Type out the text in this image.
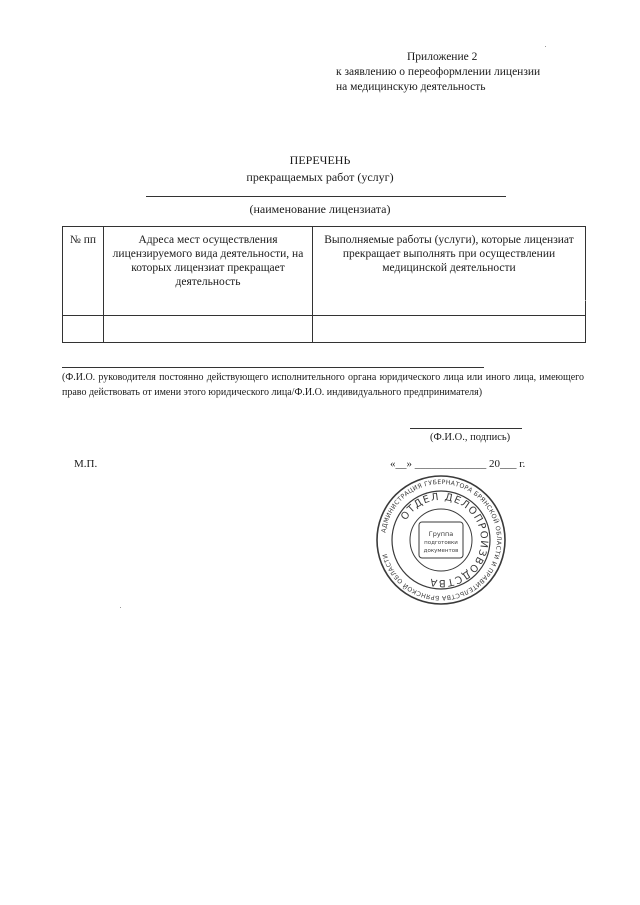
Приложение 2
к заявлению о переоформлении лицензии
на медицинскую деятельность
ПЕРЕЧЕНЬ
прекращаемых работ (услуг)
(наименование лицензиата)
№ пп	Адреса мест осуществления лицензируемого вида деятельности, на которых лицензиат прекращает деятельность	Выполняемые работы (услуги), которые лицензиат прекращает выполнять при осуществлении медицинской деятельности

(Ф.И.О. руководителя постоянно действующего исполнительного органа юридического лица или иного лица, имеющего право действовать от имени этого юридического лица/Ф.И.О. индивидуального предпринимателя)
(Ф.И.О., подпись)
М.П.	«__» _____________ 20___ г.
АДМИНИСТРАЦИЯ ГУБЕРНАТОРА БРЯНСКОЙ ОБЛАСТИ И ПРАВИТЕЛЬСТВА БРЯНСКОЙ ОБЛАСТИ
ОТДЕЛ ДЕЛОПРОИЗВОДСТВА
Группа
подготовки
документов
